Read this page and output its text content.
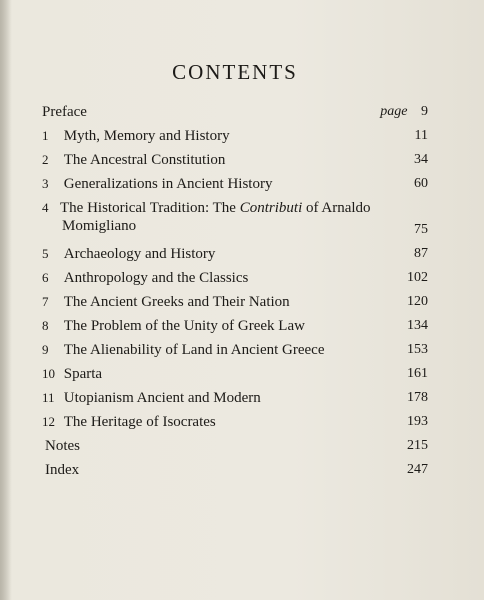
CONTENTS
Preface	page 9
1 Myth, Memory and History	11
2 The Ancestral Constitution	34
3 Generalizations in Ancient History	60
4 The Historical Tradition: The Contributi of Arnaldo
Momigliano	75
5 Archaeology and History	87
6 Anthropology and the Classics	102
7 The Ancient Greeks and Their Nation	120
8 The Problem of the Unity of Greek Law	134
9 The Alienability of Land in Ancient Greece	153
10 Sparta	161
11 Utopianism Ancient and Modern	178
12 The Heritage of Isocrates	193
Notes	215
Index	247
